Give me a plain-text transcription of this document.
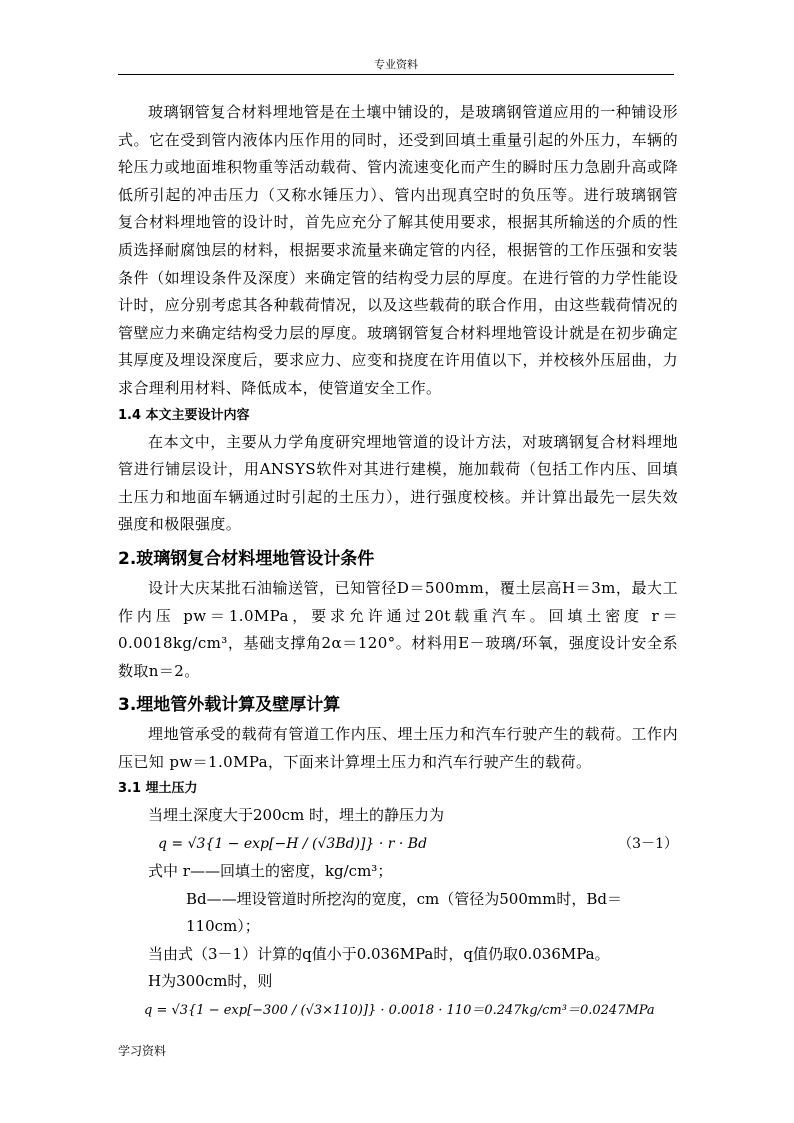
专业资料

玻璃钢管复合材料埋地管是在土壤中铺设的，是玻璃钢管道应用的一种铺设形式。它在受到管内液体内压作用的同时，还受到回填土重量引起的外压力，车辆的轮压力或地面堆积物重等活动载荷、管内流速变化而产生的瞬时压力急剧升高或降低所引起的冲击压力（又称水锤压力）、管内出现真空时的负压等。进行玻璃钢管复合材料埋地管的设计时，首先应充分了解其使用要求，根据其所输送的介质的性质选择耐腐蚀层的材料，根据要求流量来确定管的内径，根据管的工作压强和安装条件（如埋设条件及深度）来确定管的结构受力层的厚度。在进行管的力学性能设计时，应分别考虑其各种载荷情况，以及这些载荷的联合作用，由这些载荷情况的管壁应力来确定结构受力层的厚度。玻璃钢管复合材料埋地管设计就是在初步确定其厚度及埋设深度后，要求应力、应变和挠度在许用值以下，并校核外压屈曲，力求合理利用材料、降低成本，使管道安全工作。

1.4 本文主要设计内容

在本文中，主要从力学角度研究埋地管道的设计方法，对玻璃钢复合材料埋地管进行铺层设计，用ANSYS软件对其进行建模，施加载荷（包括工作内压、回填土压力和地面车辆通过时引起的土压力），进行强度校核。并计算出最先一层失效强度和极限强度。

2.玻璃钢复合材料埋地管设计条件

设计大庆某批石油输送管，已知管径D＝500mm，覆土层高H＝3m，最大工作内压 pw＝1.0MPa，要求允许通过20t载重汽车。回填土密度 r＝0.0018kg/cm³，基础支撑角2α＝120°。材料用E－玻璃/环氧，强度设计安全系数取n＝2。

3.埋地管外载计算及壁厚计算

埋地管承受的载荷有管道工作内压、埋土压力和汽车行驶产生的载荷。工作内压已知 pw＝1.0MPa，下面来计算埋土压力和汽车行驶产生的载荷。

3.1 埋土压力

当埋土深度大于200cm 时，埋土的静压力为

q = √3{1 − exp[−H / (√3Bd)]} · r · Bd	（3－1）

式中 r——回填土的密度，kg/cm³；

Bd——埋设管道时所挖沟的宽度，cm（管径为500mm时，Bd＝110cm）；

当由式（3－1）计算的q值小于0.036MPa时，q值仍取0.036MPa。

H为300cm时，则

q = √3{1 − exp[−300 / (√3×110)]} · 0.0018 · 110＝0.247kg/cm³＝0.0247MPa

学习资料
